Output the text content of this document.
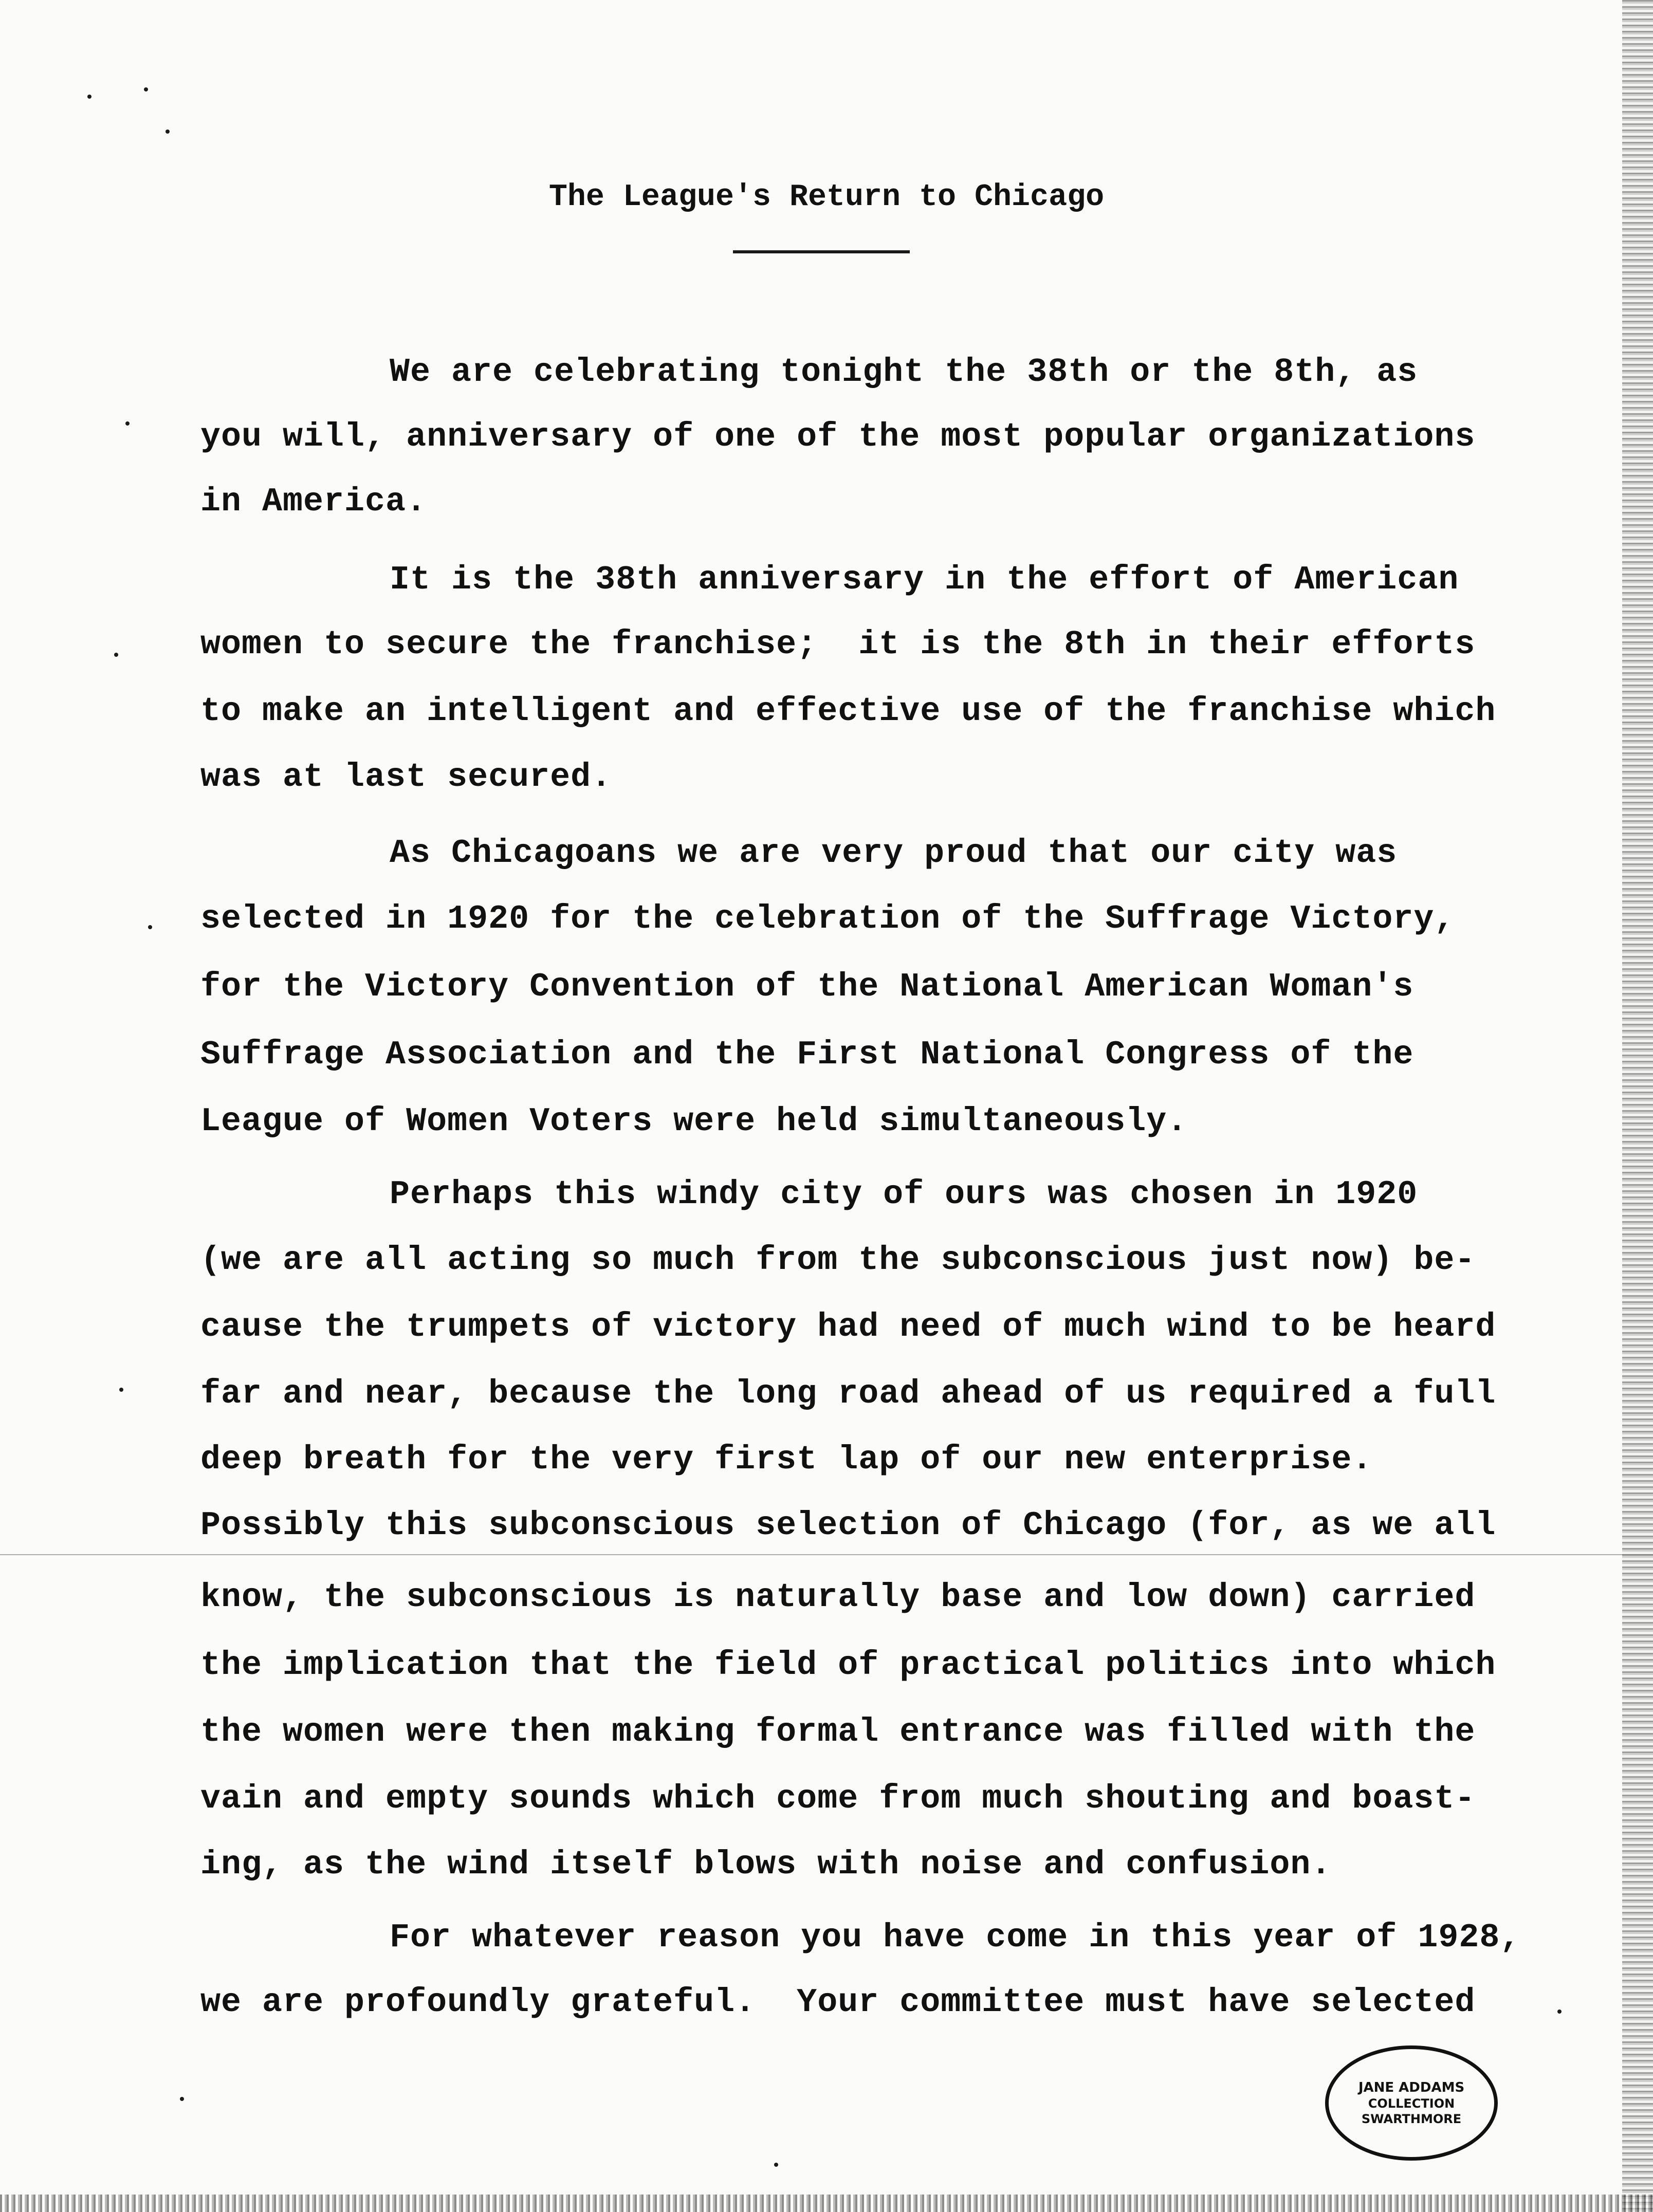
The League's Return to Chicago
We are celebrating tonight the 38th or the 8th, as
you will, anniversary of one of the most popular organizations
in America.
It is the 38th anniversary in the effort of American
women to secure the franchise;  it is the 8th in their efforts
to make an intelligent and effective use of the franchise which
was at last secured.
As Chicagoans we are very proud that our city was
selected in 1920 for the celebration of the Suffrage Victory,
for the Victory Convention of the National American Woman's
Suffrage Association and the First National Congress of the
League of Women Voters were held simultaneously.
Perhaps this windy city of ours was chosen in 1920
(we are all acting so much from the subconscious just now) be-
cause the trumpets of victory had need of much wind to be heard
far and near, because the long road ahead of us required a full
deep breath for the very first lap of our new enterprise.
Possibly this subconscious selection of Chicago (for, as we all
know, the subconscious is naturally base and low down) carried
the implication that the field of practical politics into which
the women were then making formal entrance was filled with the
vain and empty sounds which come from much shouting and boast-
ing, as the wind itself blows with noise and confusion.
For whatever reason you have come in this year of 1928,
we are profoundly grateful.  Your committee must have selected
JANE ADDAMS
COLLECTION
SWARTHMORE
